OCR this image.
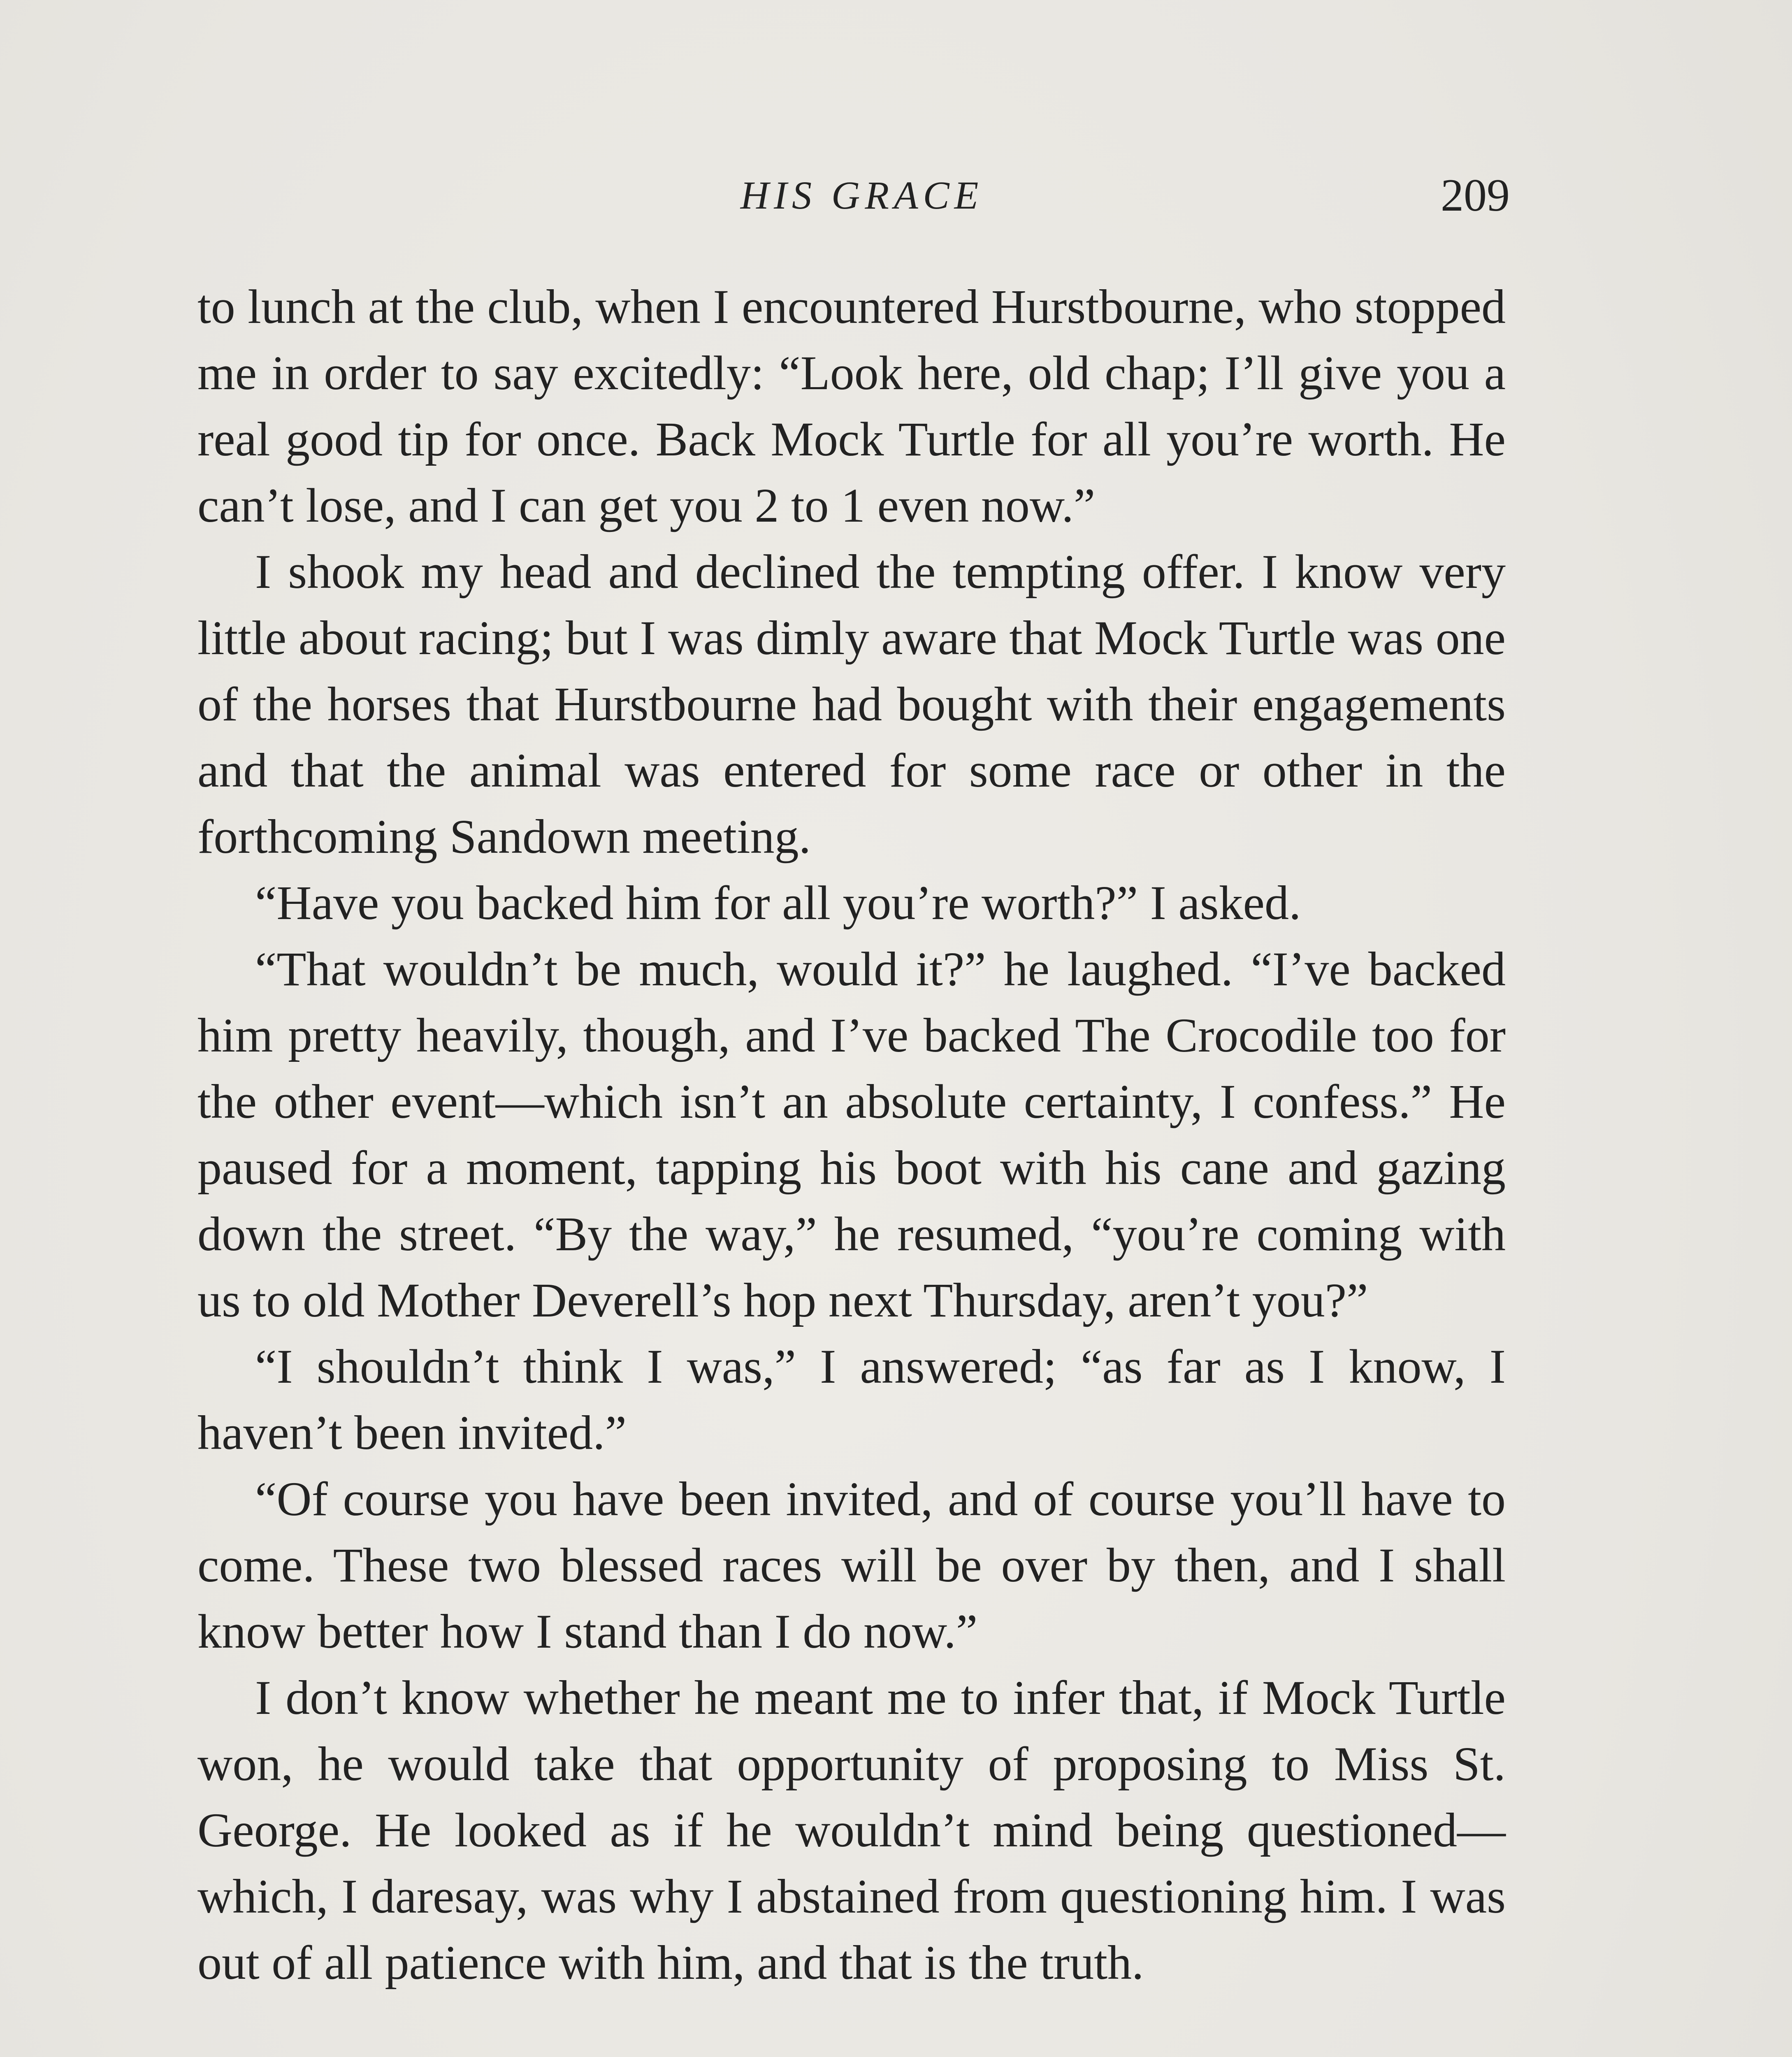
HIS GRACE	209

to lunch at the club, when I encountered Hurstbourne, who stopped me in order to say excitedly: “Look here, old chap; I’ll give you a real good tip for once. Back Mock Turtle for all you’re worth. He can’t lose, and I can get you 2 to 1 even now.”

I shook my head and declined the tempting offer. I know very little about racing; but I was dimly aware that Mock Turtle was one of the horses that Hurstbourne had bought with their engagements and that the animal was entered for some race or other in the forthcoming Sandown meeting.

“Have you backed him for all you’re worth?” I asked.

“That wouldn’t be much, would it?” he laughed. “I’ve backed him pretty heavily, though, and I’ve backed The Crocodile too for the other event—which isn’t an absolute certainty, I confess.” He paused for a moment, tapping his boot with his cane and gazing down the street. “By the way,” he resumed, “you’re coming with us to old Mother Deverell’s hop next Thursday, aren’t you?”

“I shouldn’t think I was,” I answered; “as far as I know, I haven’t been invited.”

“Of course you have been invited, and of course you’ll have to come. These two blessed races will be over by then, and I shall know better how I stand than I do now.”

I don’t know whether he meant me to infer that, if Mock Turtle won, he would take that opportunity of proposing to Miss St. George. He looked as if he wouldn’t mind being questioned—which, I daresay, was why I abstained from questioning him. I was out of all patience with him, and that is the truth.
